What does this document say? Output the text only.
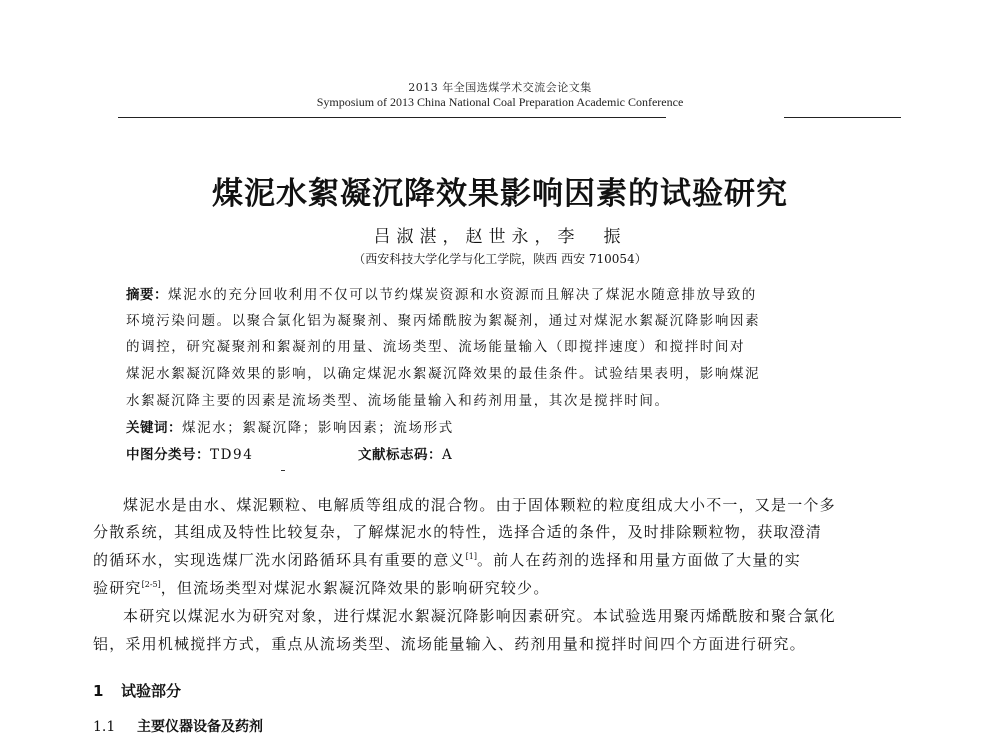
2013 年全国选煤学术交流会论文集
Symposium of 2013 China National Coal Preparation Academic Conference
煤泥水絮凝沉降效果影响因素的试验研究
吕淑湛，赵世永，李　振
（西安科技大学化学与化工学院，陕西 西安 710054）
摘要：煤泥水的充分回收利用不仅可以节约煤炭资源和水资源而且解决了煤泥水随意排放导致的
环境污染问题。以聚合氯化铝为凝聚剂、聚丙烯酰胺为絮凝剂，通过对煤泥水絮凝沉降影响因素
的调控，研究凝聚剂和絮凝剂的用量、流场类型、流场能量输入（即搅拌速度）和搅拌时间对
煤泥水絮凝沉降效果的影响，以确定煤泥水絮凝沉降效果的最佳条件。试验结果表明，影响煤泥
水絮凝沉降主要的因素是流场类型、流场能量输入和药剂用量，其次是搅拌时间。
关键词：煤泥水；絮凝沉降；影响因素；流场形式
中图分类号：TD94	文献标志码：A
煤泥水是由水、煤泥颗粒、电解质等组成的混合物。由于固体颗粒的粒度组成大小不一，又是一个多
分散系统，其组成及特性比较复杂，了解煤泥水的特性，选择合适的条件，及时排除颗粒物，获取澄清
的循环水，实现选煤厂洗水闭路循环具有重要的意义[1]。前人在药剂的选择和用量方面做了大量的实
验研究[2-5]，但流场类型对煤泥水絮凝沉降效果的影响研究较少。
本研究以煤泥水为研究对象，进行煤泥水絮凝沉降影响因素研究。本试验选用聚丙烯酰胺和聚合氯化
铝，采用机械搅拌方式，重点从流场类型、流场能量输入、药剂用量和搅拌时间四个方面进行研究。
1 试验部分
1.1 主要仪器设备及药剂
